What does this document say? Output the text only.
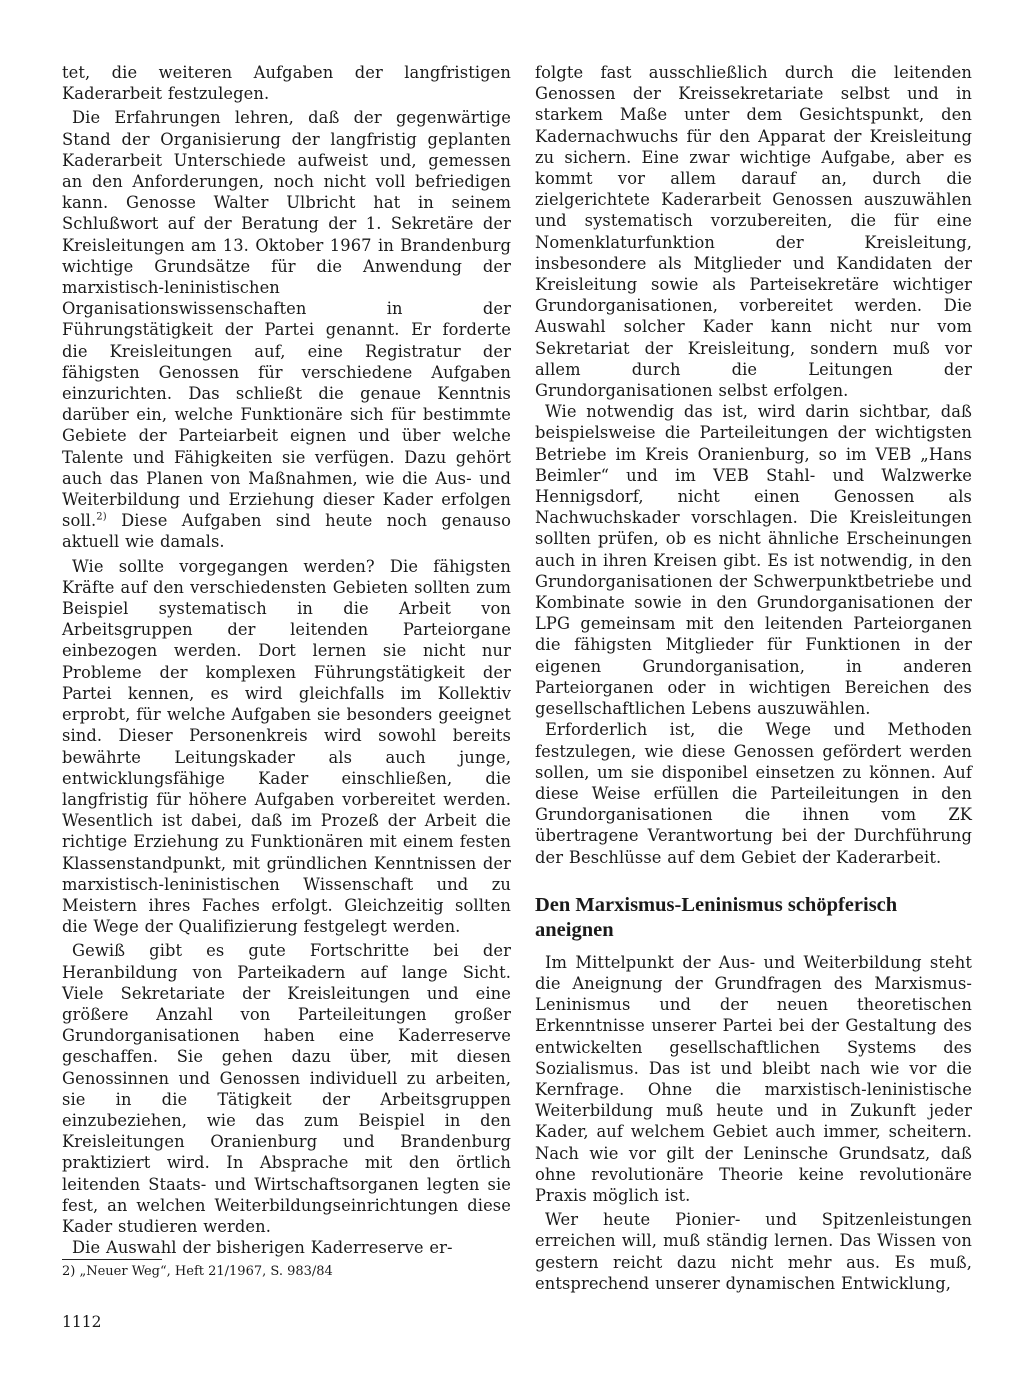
tet, die weiteren Aufgaben der langfristigen Kaderarbeit festzulegen.

Die Erfahrungen lehren, daß der gegenwärtige Stand der Organisierung der langfristig geplanten Kaderarbeit Unterschiede aufweist und, gemessen an den Anforderungen, noch nicht voll befriedigen kann. Genosse Walter Ulbricht hat in seinem Schlußwort auf der Beratung der 1. Sekretäre der Kreisleitungen am 13. Oktober 1967 in Brandenburg wichtige Grundsätze für die Anwendung der marxistisch-leninistischen Organisationswissenschaften in der Führungstätigkeit der Partei genannt. Er forderte die Kreisleitungen auf, eine Registratur der fähigsten Genossen für verschiedene Aufgaben einzurichten. Das schließt die genaue Kenntnis darüber ein, welche Funktionäre sich für bestimmte Gebiete der Parteiarbeit eignen und über welche Talente und Fähigkeiten sie verfügen. Dazu gehört auch das Planen von Maßnahmen, wie die Aus- und Weiterbildung und Erziehung dieser Kader erfolgen soll.$^{2)}$ Diese Aufgaben sind heute noch genauso aktuell wie damals.

Wie sollte vorgegangen werden? Die fähigsten Kräfte auf den verschiedensten Gebieten sollten zum Beispiel systematisch in die Arbeit von Arbeitsgruppen der leitenden Parteiorgane einbezogen werden. Dort lernen sie nicht nur Probleme der komplexen Führungstätigkeit der Partei kennen, es wird gleichfalls im Kollektiv erprobt, für welche Aufgaben sie besonders geeignet sind. Dieser Personenkreis wird sowohl bereits bewährte Leitungskader als auch junge, entwicklungsfähige Kader einschließen, die langfristig für höhere Aufgaben vorbereitet werden. Wesentlich ist dabei, daß im Prozeß der Arbeit die richtige Erziehung zu Funktionären mit einem festen Klassenstandpunkt, mit gründlichen Kenntnissen der marxistisch-leninistischen Wissenschaft und zu Meistern ihres Faches erfolgt. Gleichzeitig sollten die Wege der Qualifizierung festgelegt werden.

Gewiß gibt es gute Fortschritte bei der Heranbildung von Parteikadern auf lange Sicht. Viele Sekretariate der Kreisleitungen und eine größere Anzahl von Parteileitungen großer Grundorganisationen haben eine Kaderreserve geschaffen. Sie gehen dazu über, mit diesen Genossinnen und Genossen individuell zu arbeiten, sie in die Tätigkeit der Arbeitsgruppen einzubeziehen, wie das zum Beispiel in den Kreisleitungen Oranienburg und Brandenburg praktiziert wird. In Absprache mit den örtlich leitenden Staats- und Wirtschaftsorganen legten sie fest, an welchen Weiterbildungseinrichtungen diese Kader studieren werden.

Die Auswahl der bisherigen Kaderreserve er-

folgte fast ausschließlich durch die leitenden Genossen der Kreissekretariate selbst und in starkem Maße unter dem Gesichtspunkt, den Kadernachwuchs für den Apparat der Kreisleitung zu sichern. Eine zwar wichtige Aufgabe, aber es kommt vor allem darauf an, durch die zielgerichtete Kaderarbeit Genossen auszuwählen und systematisch vorzubereiten, die für eine Nomenklaturfunktion der Kreisleitung, insbesondere als Mitglieder und Kandidaten der Kreisleitung sowie als Parteisekretäre wichtiger Grundorganisationen, vorbereitet werden. Die Auswahl solcher Kader kann nicht nur vom Sekretariat der Kreisleitung, sondern muß vor allem durch die Leitungen der Grundorganisationen selbst erfolgen.

Wie notwendig das ist, wird darin sichtbar, daß beispielsweise die Parteileitungen der wichtigsten Betriebe im Kreis Oranienburg, so im VEB „Hans Beimler“ und im VEB Stahl- und Walzwerke Hennigsdorf, nicht einen Genossen als Nachwuchskader vorschlagen. Die Kreisleitungen sollten prüfen, ob es nicht ähnliche Erscheinungen auch in ihren Kreisen gibt. Es ist notwendig, in den Grundorganisationen der Schwerpunktbetriebe und Kombinate sowie in den Grundorganisationen der LPG gemeinsam mit den leitenden Parteiorganen die fähigsten Mitglieder für Funktionen in der eigenen Grundorganisation, in anderen Parteiorganen oder in wichtigen Bereichen des gesellschaftlichen Lebens auszuwählen.

Erforderlich ist, die Wege und Methoden festzulegen, wie diese Genossen gefördert werden sollen, um sie disponibel einsetzen zu können. Auf diese Weise erfüllen die Parteileitungen in den Grundorganisationen die ihnen vom ZK übertragene Verantwortung bei der Durchführung der Beschlüsse auf dem Gebiet der Kaderarbeit.

Den Marxismus-Leninismus schöpferisch aneignen

Im Mittelpunkt der Aus- und Weiterbildung steht die Aneignung der Grundfragen des Marxismus-Leninismus und der neuen theoretischen Erkenntnisse unserer Partei bei der Gestaltung des entwickelten gesellschaftlichen Systems des Sozialismus. Das ist und bleibt nach wie vor die Kernfrage. Ohne die marxistisch-leninistische Weiterbildung muß heute und in Zukunft jeder Kader, auf welchem Gebiet auch immer, scheitern. Nach wie vor gilt der Leninsche Grundsatz, daß ohne revolutionäre Theorie keine revolutionäre Praxis möglich ist.

Wer heute Pionier- und Spitzenleistungen erreichen will, muß ständig lernen. Das Wissen von gestern reicht dazu nicht mehr aus. Es muß, entsprechend unserer dynamischen Entwicklung,

2) „Neuer Weg“, Heft 21/1967, S. 983/84

1112
